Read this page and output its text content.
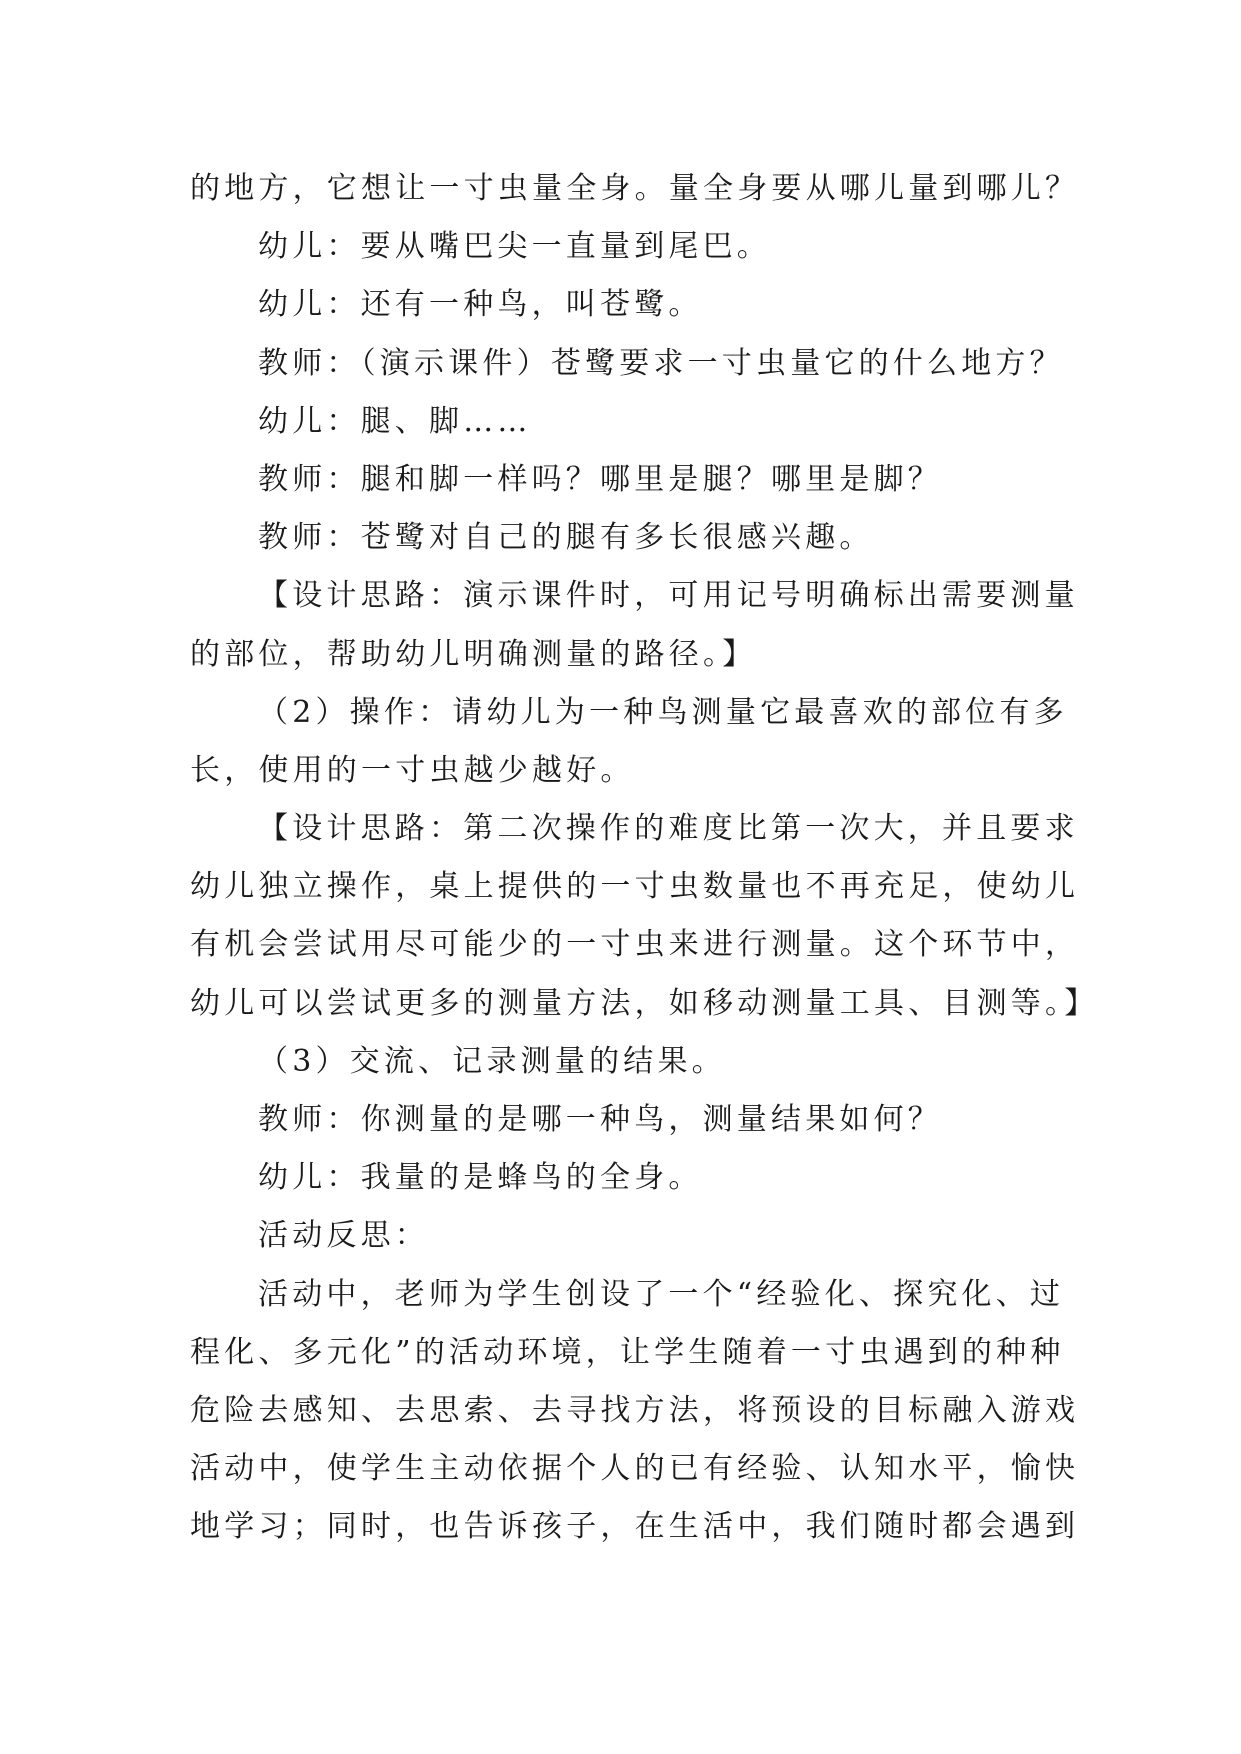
的地方，它想让一寸虫量全身。量全身要从哪儿量到哪儿？
幼儿：要从嘴巴尖一直量到尾巴。
幼儿：还有一种鸟，叫苍鹭。
教师：（演示课件）苍鹭要求一寸虫量它的什么地方？
幼儿：腿、脚……
教师：腿和脚一样吗？哪里是腿？哪里是脚？
教师：苍鹭对自己的腿有多长很感兴趣。
【设计思路：演示课件时，可用记号明确标出需要测量
的部位，帮助幼儿明确测量的路径。】
（2）操作：请幼儿为一种鸟测量它最喜欢的部位有多
长，使用的一寸虫越少越好。
【设计思路：第二次操作的难度比第一次大，并且要求
幼儿独立操作，桌上提供的一寸虫数量也不再充足，使幼儿
有机会尝试用尽可能少的一寸虫来进行测量。这个环节中，
幼儿可以尝试更多的测量方法，如移动测量工具、目测等。】
（3）交流、记录测量的结果。
教师：你测量的是哪一种鸟，测量结果如何？
幼儿：我量的是蜂鸟的全身。
活动反思：
活动中，老师为学生创设了一个“经验化、探究化、过
程化、多元化”的活动环境，让学生随着一寸虫遇到的种种
危险去感知、去思索、去寻找方法，将预设的目标融入游戏
活动中，使学生主动依据个人的已有经验、认知水平，愉快
地学习；同时，也告诉孩子，在生活中，我们随时都会遇到
